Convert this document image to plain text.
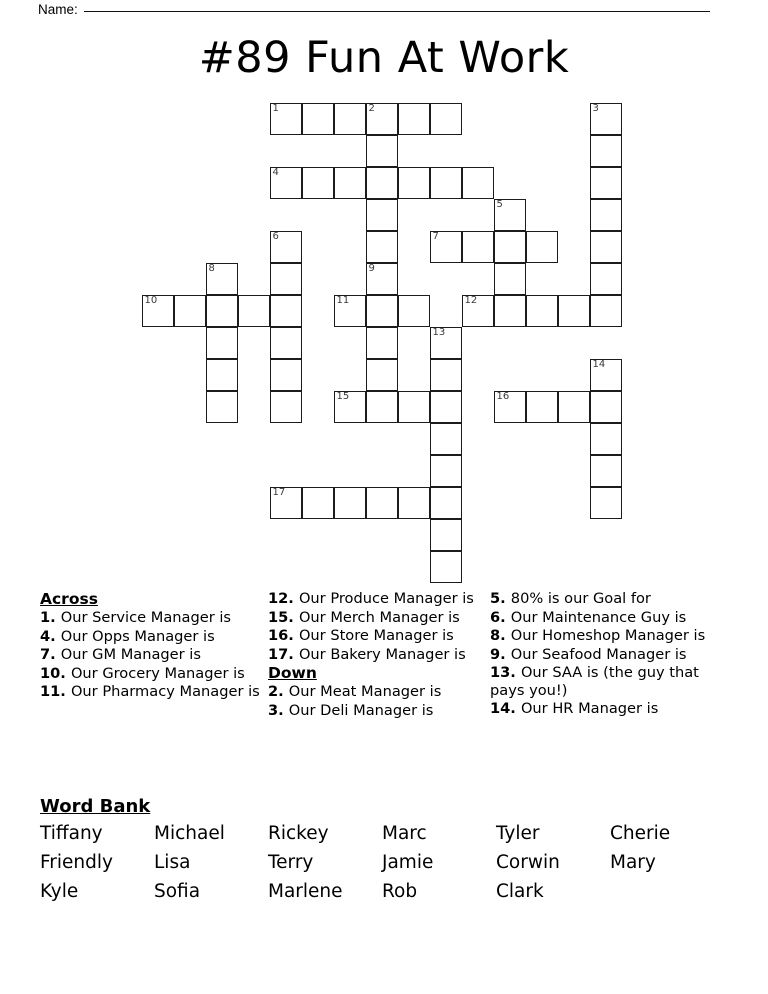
Name:
#89 Fun At Work
1	2	3
4
5
6	7
8	9
10	11	12
13
14
15	16
17
Across
1. Our Service Manager is
4. Our Opps Manager is
7. Our GM Manager is
10. Our Grocery Manager is
11. Our Pharmacy Manager is
12. Our Produce Manager is
15. Our Merch Manager is
16. Our Store Manager is
17. Our Bakery Manager is
Down
2. Our Meat Manager is
3. Our Deli Manager is
5. 80% is our Goal for
6. Our Maintenance Guy is
8. Our Homeshop Manager is
9. Our Seafood Manager is
13. Our SAA is (the guy that pays you!)
14. Our HR Manager is
Word Bank
Tiffany	Michael	Rickey	Marc	Tyler	Cherie
Friendly	Lisa	Terry	Jamie	Corwin	Mary
Kyle	Sofia	Marlene	Rob	Clark
